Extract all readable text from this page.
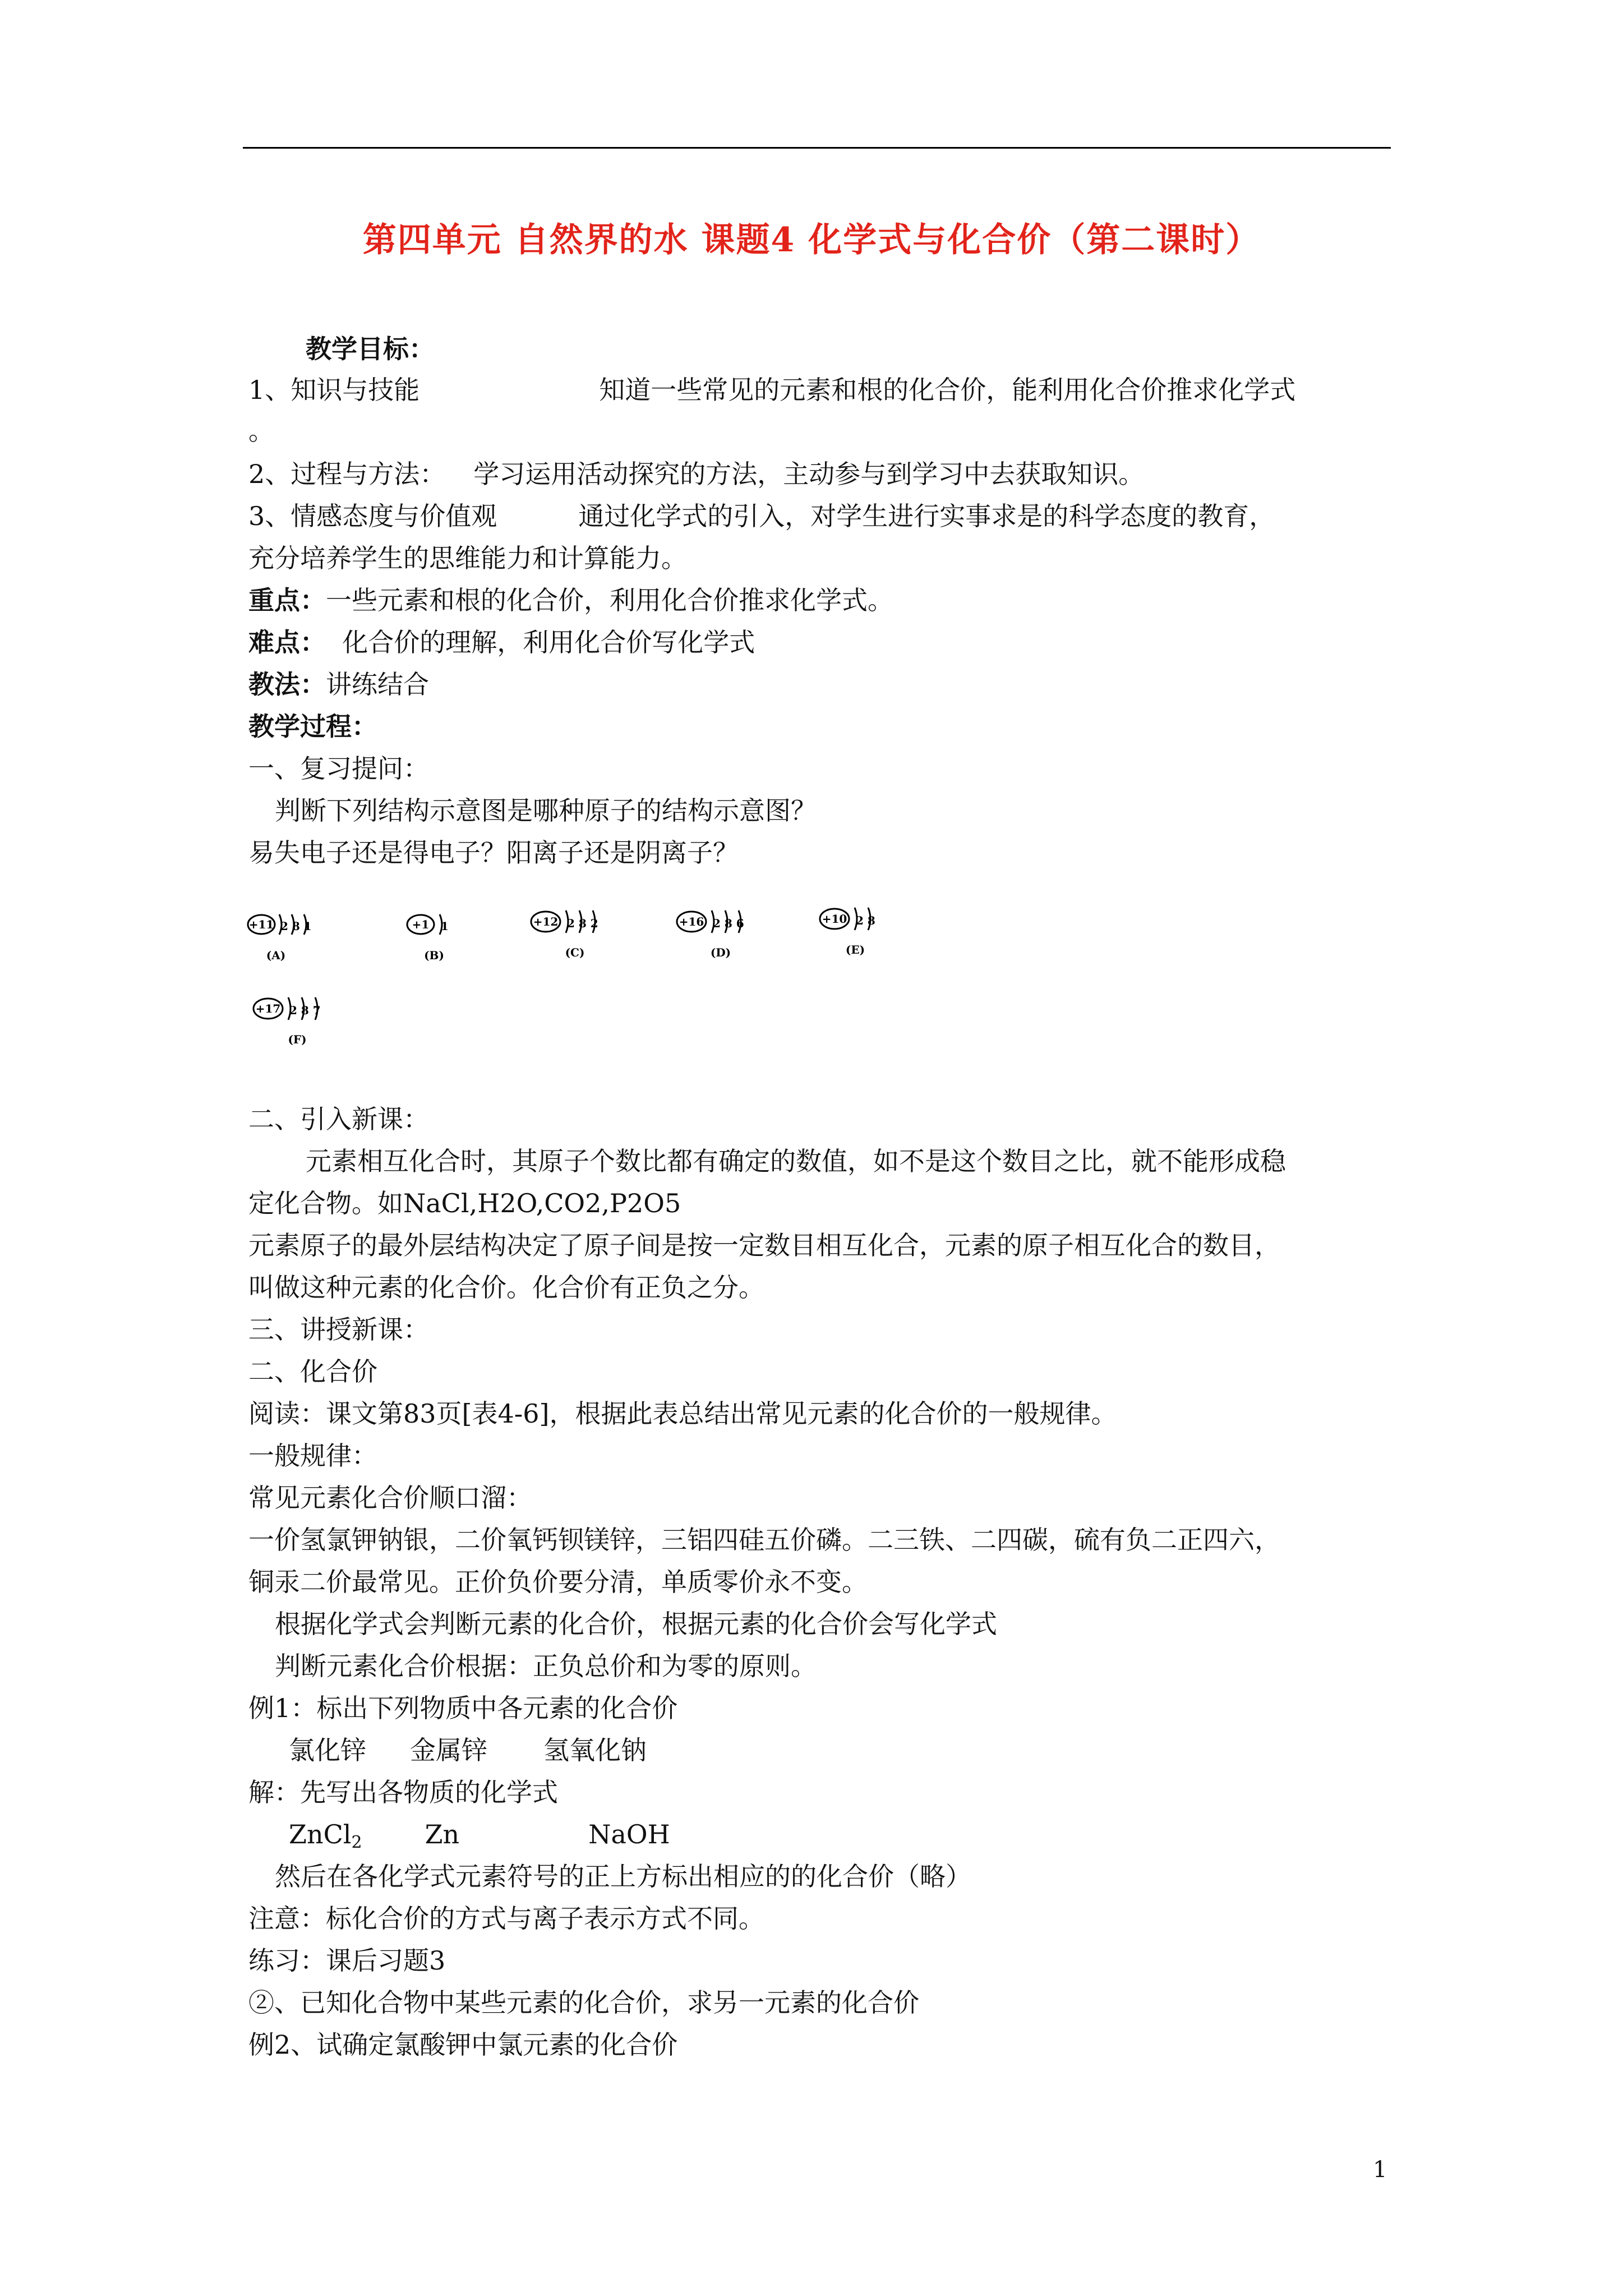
第四单元 自然界的水 课题4 化学式与化合价（第二课时）
教学目标：
1、知识与技能	知道一些常见的元素和根的化合价，能利用化合价推求化学式
。
2、过程与方法： 学习运用活动探究的方法，主动参与到学习中去获取知识。
3、情感态度与价值观	通过化学式的引入，对学生进行实事求是的科学态度的教育，
充分培养学生的思维能力和计算能力。
重点：一些元素和根的化合价，利用化合价推求化学式。
难点： 化合价的理解，利用化合价写化学式
教法：讲练结合
教学过程：
一、复习提问：
判断下列结构示意图是哪种原子的结构示意图？
易失电子还是得电子？阳离子还是阴离子？
+11 2 8 1
(A)
+1 1
(B)
+12 2 8 2
(C)
+16 2 8 6
(D)
+10 2 8
(E)
+17 2 8 7
(F)
二、引入新课：
元素相互化合时，其原子个数比都有确定的数值，如不是这个数目之比，就不能形成稳
定化合物。如NaCl,H2O,CO2,P2O5
元素原子的最外层结构决定了原子间是按一定数目相互化合，元素的原子相互化合的数目，
叫做这种元素的化合价。化合价有正负之分。
三、讲授新课：
二、化合价
阅读：课文第83页[表4-6]，根据此表总结出常见元素的化合价的一般规律。
一般规律：
常见元素化合价顺口溜：
一价氢氯钾钠银，二价氧钙钡镁锌，三铝四硅五价磷。二三铁、二四碳，硫有负二正四六，
铜汞二价最常见。正价负价要分清，单质零价永不变。
根据化学式会判断元素的化合价，根据元素的化合价会写化学式
判断元素化合价根据：正负总价和为零的原则。
例1：标出下列物质中各元素的化合价
氯化锌 金属锌 氢氧化钠
解：先写出各物质的化学式
ZnCl$_2$ Zn	NaOH
然后在各化学式元素符号的正上方标出相应的的化合价（略）
注意：标化合价的方式与离子表示方式不同。
练习：课后习题3
②、已知化合物中某些元素的化合价，求另一元素的化合价
例2、试确定氯酸钾中氯元素的化合价
1
